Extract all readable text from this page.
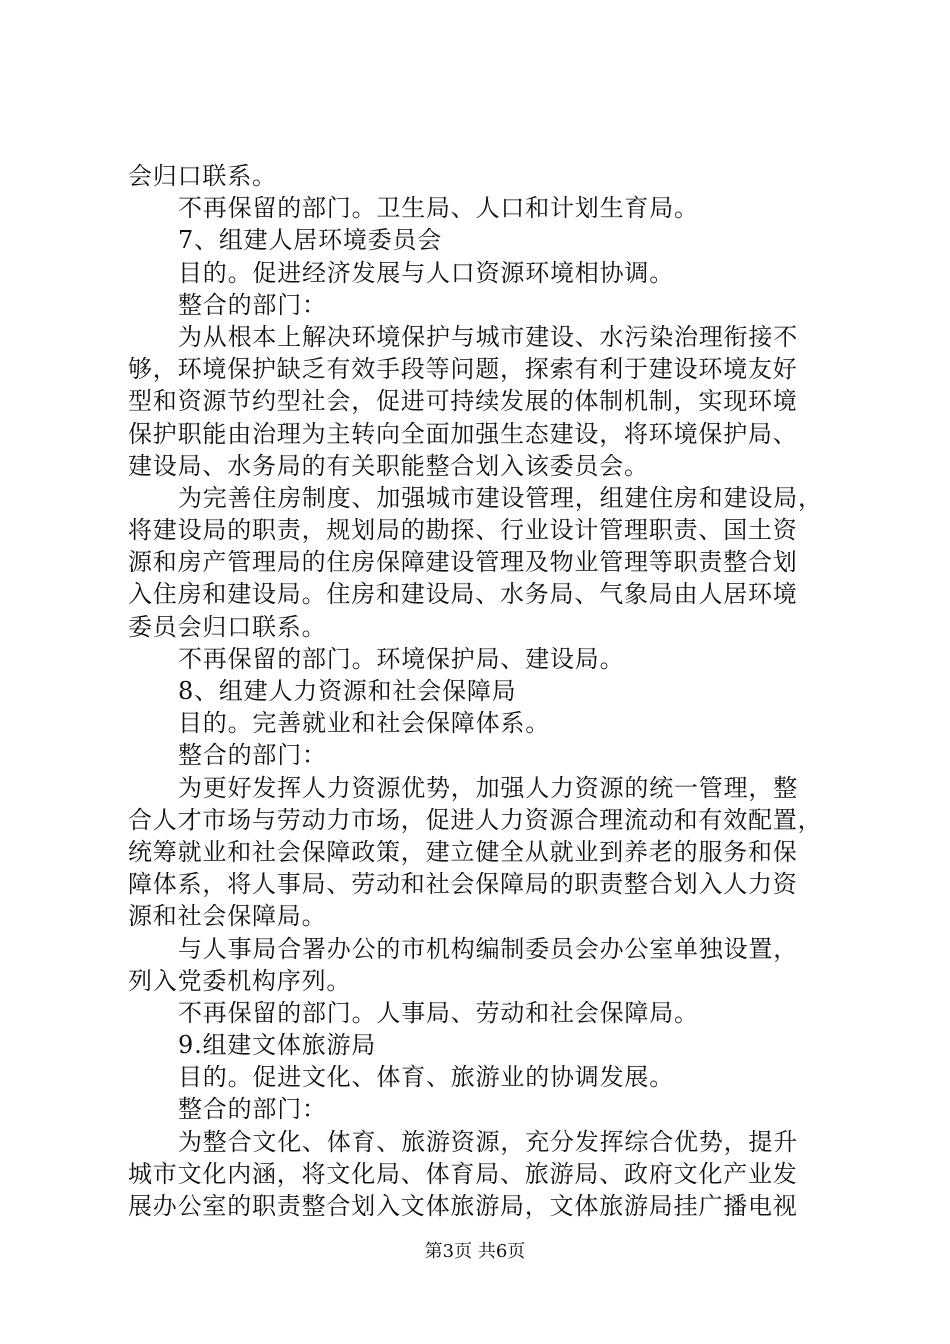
会归口联系。
不再保留的部门。卫生局、人口和计划生育局。
7、组建人居环境委员会
目的。促进经济发展与人口资源环境相协调。
整合的部门：
为从根本上解决环境保护与城市建设、水污染治理衔接不
够，环境保护缺乏有效手段等问题，探索有利于建设环境友好
型和资源节约型社会，促进可持续发展的体制机制，实现环境
保护职能由治理为主转向全面加强生态建设，将环境保护局、
建设局、水务局的有关职能整合划入该委员会。
为完善住房制度、加强城市建设管理，组建住房和建设局，
将建设局的职责，规划局的勘探、行业设计管理职责、国土资
源和房产管理局的住房保障建设管理及物业管理等职责整合划
入住房和建设局。住房和建设局、水务局、气象局由人居环境
委员会归口联系。
不再保留的部门。环境保护局、建设局。
8、组建人力资源和社会保障局
目的。完善就业和社会保障体系。
整合的部门：
为更好发挥人力资源优势，加强人力资源的统一管理，整
合人才市场与劳动力市场，促进人力资源合理流动和有效配置，
统筹就业和社会保障政策，建立健全从就业到养老的服务和保
障体系，将人事局、劳动和社会保障局的职责整合划入人力资
源和社会保障局。
与人事局合署办公的市机构编制委员会办公室单独设置，
列入党委机构序列。
不再保留的部门。人事局、劳动和社会保障局。
9.组建文体旅游局
目的。促进文化、体育、旅游业的协调发展。
整合的部门：
为整合文化、体育、旅游资源，充分发挥综合优势，提升
城市文化内涵，将文化局、体育局、旅游局、政府文化产业发
展办公室的职责整合划入文体旅游局，文体旅游局挂广播电视
第3页 共6页
